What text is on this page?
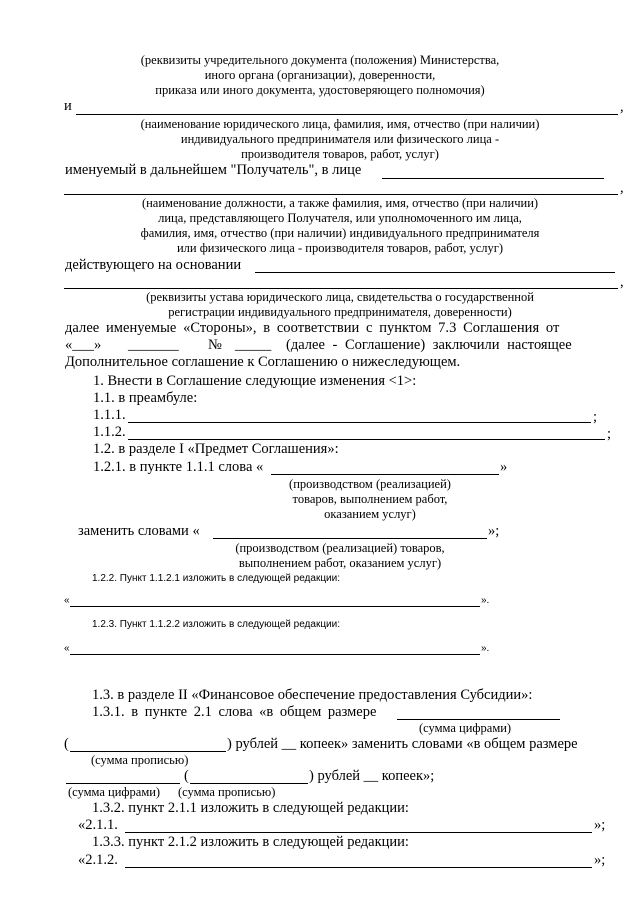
(реквизиты учредительного документа (положения) Министерства,
иного органа (организации), доверенности,
приказа или иного документа, удостоверяющего полномочия)
и	,
(наименование юридического лица, фамилия, имя, отчество (при наличии)
индивидуального предпринимателя или физического лица -
производителя товаров, работ, услуг)
именуемый в дальнейшем "Получатель", в лице
,
(наименование должности, а также фамилия, имя, отчество (при наличии)
лица, представляющего Получателя, или уполномоченного им лица,
фамилия, имя, отчество (при наличии) индивидуального предпринимателя
или физического лица - производителя товаров, работ, услуг)
действующего на основании
,
(реквизиты устава юридического лица, свидетельства о государственной
регистрации индивидуального предпринимателя, доверенности)
далее именуемые «Стороны», в соответствии с пунктом 7.3 Соглашения от
«___» _______ № _____ (далее - Соглашение) заключили настоящее
Дополнительное соглашение к Соглашению о нижеследующем.
1. Внести в Соглашение следующие изменения <1>:
1.1. в преамбуле:
1.1.1.	;
1.1.2.	;
1.2. в разделе I «Предмет Соглашения»:
1.2.1. в пункте 1.1.1 слова «	»
(производством (реализацией)
товаров, выполнением работ,
оказанием услуг)
заменить словами «	»;
(производством (реализацией) товаров,
выполнением работ, оказанием услуг)
1.2.2. Пункт 1.1.2.1 изложить в следующей редакции:
«	».
1.2.3. Пункт 1.1.2.2 изложить в следующей редакции:
«	».
1.3. в разделе II «Финансовое обеспечение предоставления Субсидии»:
1.3.1. в пункте 2.1 слова «в общем размере
(сумма цифрами)
(	) рублей __ копеек» заменить словами «в общем размере
(сумма прописью)
(	) рублей __ копеек»;
(сумма цифрами) (сумма прописью)
1.3.2. пункт 2.1.1 изложить в следующей редакции:
«2.1.1.	»;
1.3.3. пункт 2.1.2 изложить в следующей редакции:
«2.1.2.	»;
